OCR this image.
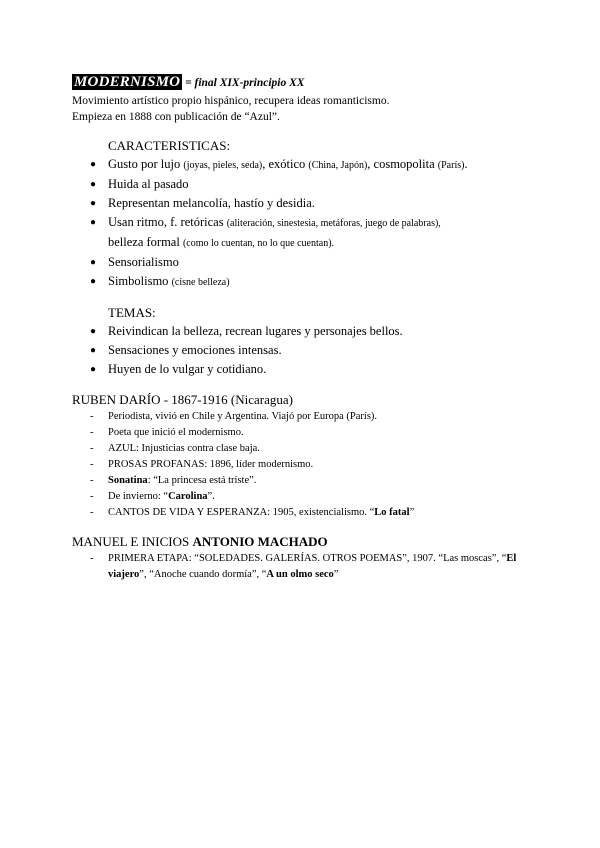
MODERNISMO = final XIX-principio XX
Movimiento artístico propio hispánico, recupera ideas romanticismo.
Empieza en 1888 con publicación de “Azul”.
CARACTERISTICAS:
● Gusto por lujo (joyas, pieles, seda), exótico (China, Japón), cosmopolita (París).
● Huida al pasado
● Representan melancolía, hastío y desidia.
● Usan ritmo, f. retóricas (aliteración, sinestesia, metáforas, juego de palabras),
belleza formal (como lo cuentan, no lo que cuentan).
● Sensorialismo
● Simbolismo (cisne belleza)
TEMAS:
● Reivindican la belleza, recrean lugares y personajes bellos.
● Sensaciones y emociones intensas.
● Huyen de lo vulgar y cotidiano.
RUBEN DARÍO - 1867-1916 (Nicaragua)
- Periodista, vivió en Chile y Argentina. Viajó por Europa (París).
- Poeta que inició el modernismo.
- AZUL: Injusticias contra clase baja.
- PROSAS PROFANAS: 1896, líder modernismo.
- Sonatina: “La princesa está triste”.
- De invierno: “Carolina”.
- CANTOS DE VIDA Y ESPERANZA: 1905, existencialismo. “Lo fatal”
MANUEL E INICIOS ANTONIO MACHADO
- PRIMERA ETAPA: “SOLEDADES. GALERÍAS. OTROS POEMAS”, 1907. “Las moscas”, “El viajero”, “Anoche cuando dormía”, “A un olmo seco”
